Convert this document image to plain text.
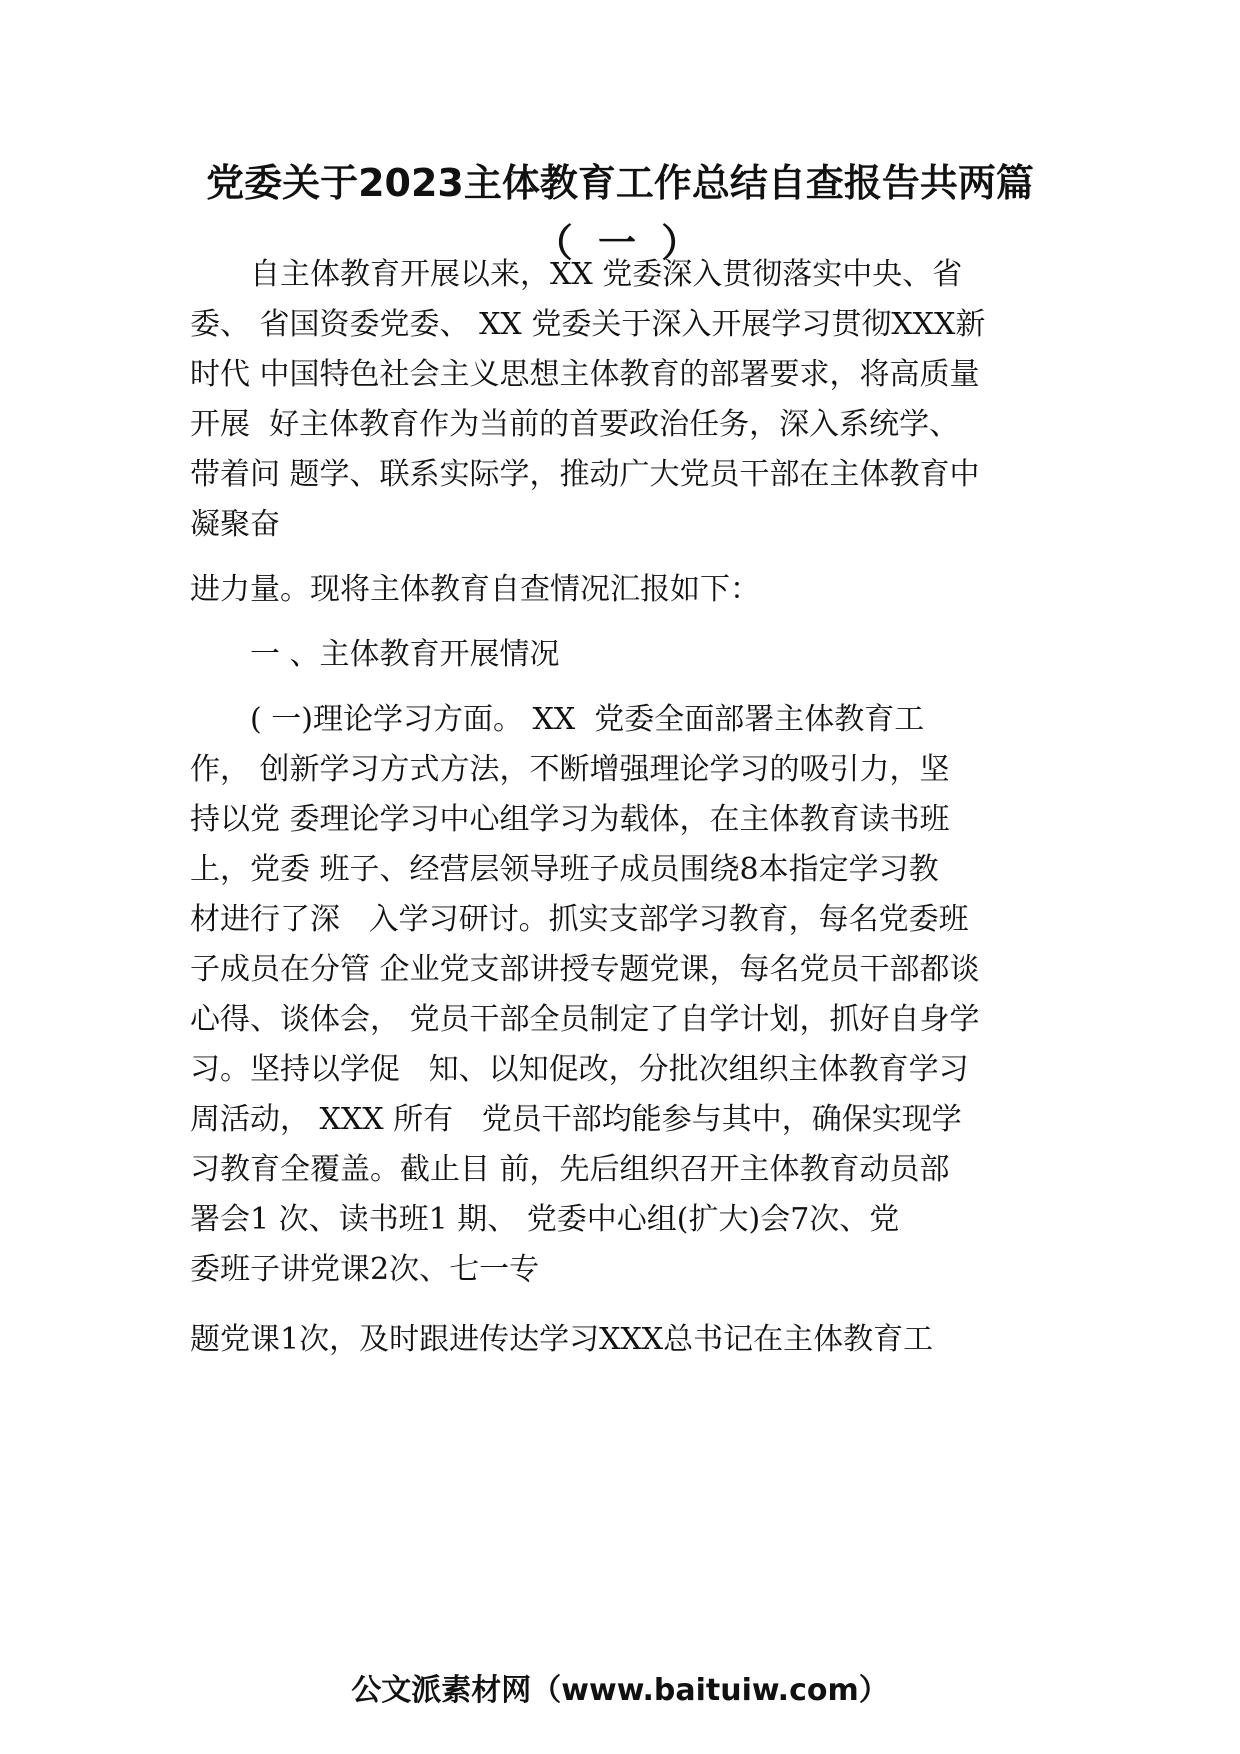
党委关于2023主体教育工作总结自查报告共两篇
（ 一 ）

　　自主体教育开展以来，XX 党委深入贯彻落实中央、省

委、 省国资委党委、 XX 党委关于深入开展学习贯彻XXX新

时代 中国特色社会主义思想主体教育的部署要求，将高质量

开展  好主体教育作为当前的首要政治任务，深入系统学、

带着问 题学、联系实际学，推动广大党员干部在主体教育中

凝聚奋

进力量。现将主体教育自查情况汇报如下：

　　一 、主体教育开展情况

　　( 一)理论学习方面。 XX  党委全面部署主体教育工

作， 创新学习方式方法，不断增强理论学习的吸引力，坚

持以党 委理论学习中心组学习为载体，在主体教育读书班

上，党委 班子、经营层领导班子成员围绕8本指定学习教

材进行了深   入学习研讨。抓实支部学习教育，每名党委班

子成员在分管 企业党支部讲授专题党课，每名党员干部都谈

心得、谈体会， 党员干部全员制定了自学计划，抓好自身学

习。坚持以学促   知、以知促改，分批次组织主体教育学习

周活动， XXX 所有   党员干部均能参与其中，确保实现学

习教育全覆盖。截止目 前，先后组织召开主体教育动员部

署会1 次、读书班1 期、 党委中心组(扩大)会7次、党

委班子讲党课2次、七一专

题党课1次，及时跟进传达学习XXX总书记在主体教育工

公文派素材网（www.baituiw.com）
